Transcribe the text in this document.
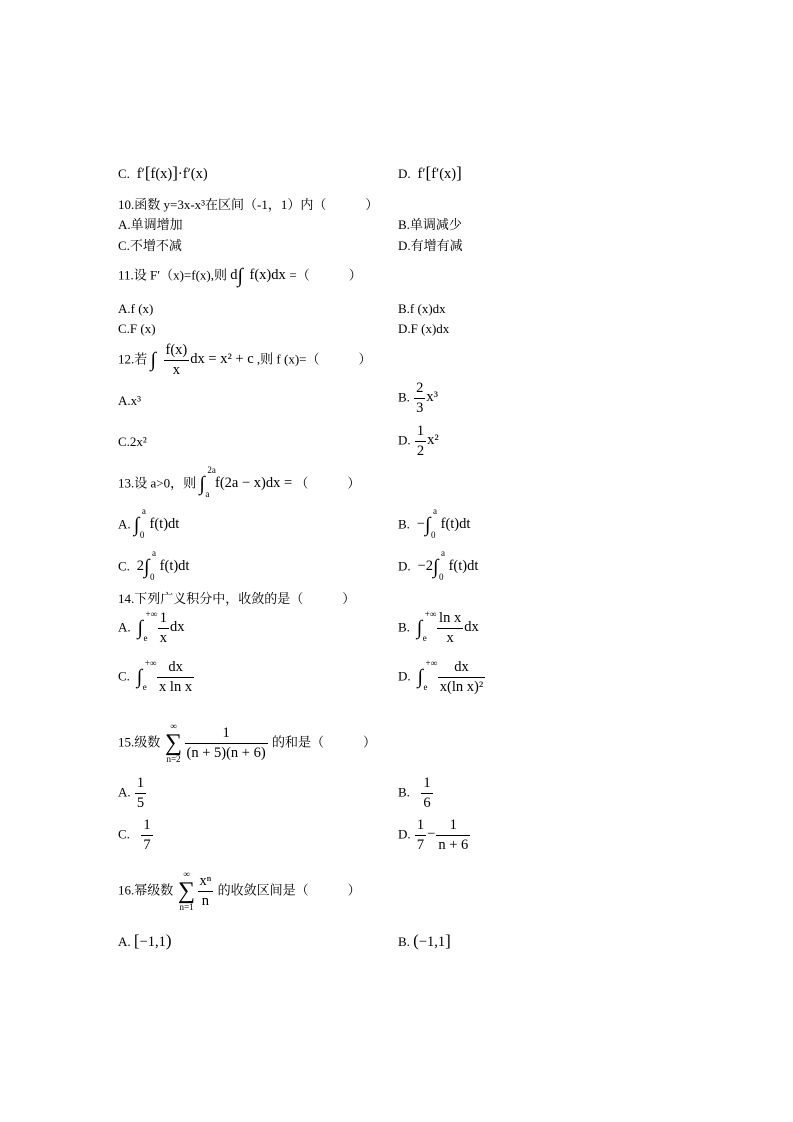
C.  f′[f(x)]·f′(x)	D.  f′[f′(x)]
10.函数 y=3x-x³在区间（-1，1）内（　　　）
A.单调增加	B.单调减少
C.不增不减	D.有增有减
11.设 F′（x)=f(x),则 d∫ f(x)dx =（　　　）
A.f (x)	B.f (x)dx
C.F (x)	D.F (x)dx
12.若 ∫ $\frac{f(x)}{x}$ dx = x² + c ,则 f (x)=（　　　）
A.x³	B. $\frac{2}{3} x^3$
C.2x²	D. $\frac{1}{2} x^2$
13.设 a>0，则 ∫
2a
a
f(2a − x)dx = （　　　）
A. ∫
a
0
f(t)dt	B.  −∫
a
0
f(t)dt
C.  2∫
a
0
f(t)dt	D.  −2∫
a
0
f(t)dt
14.下列广义积分中，收敛的是（　　　）
A. ∫
+∞
e
$\frac{1}{x}$ dx	B. ∫
+∞
e
$\frac{\text{ln x}}{x}$ dx
C. ∫
+∞
e
$\frac{dx}{\text{x ln x}}$	D. ∫
+∞
e
$\frac{dx}{\text{x(ln x)²}}$
15.级数
∞
∑
$n=2 \frac{1}{(n + 5)(n + 6)}$ 的和是（　　　）
A. $\frac{1}{5}$	B. $\frac{1}{6}$
C. $\frac{1}{7}$	D. $\frac{1}{7} - \frac{1}{n + 6}$
16.幂级数
∞
∑
$n=1 \frac{\text{xⁿ}}{n}$ 的收敛区间是（　　　）
A. [−1,1)	B. (−1,1]
